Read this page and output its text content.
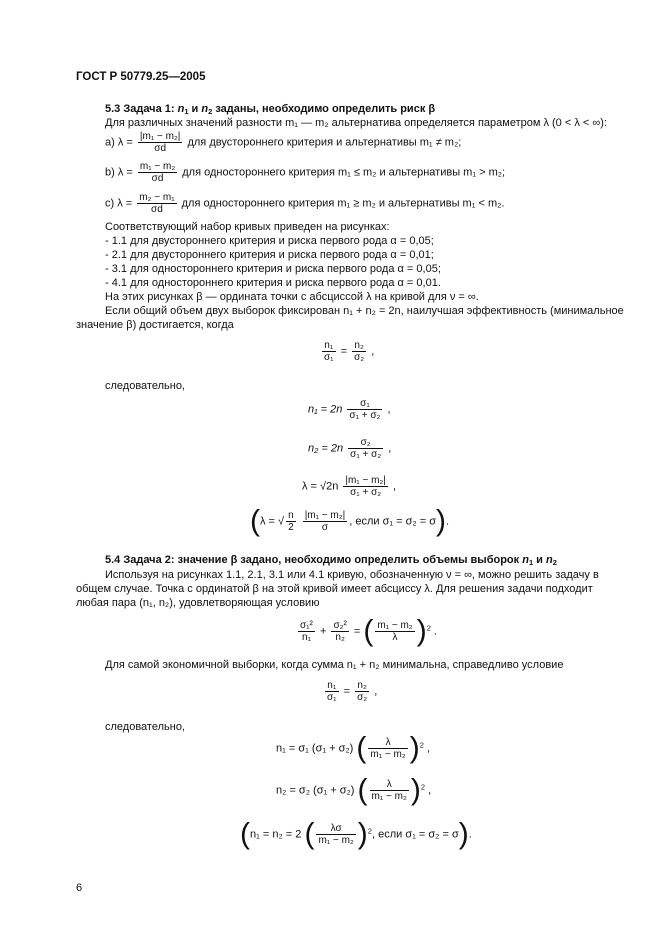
ГОСТ Р 50779.25—2005
5.3 Задача 1: $n_1$ и $n_2$ заданы, необходимо определить риск β
Для различных значений разности m₁ — m₂ альтернатива определяется параметром λ (0 < λ < ∞):
a) $\lambda = \frac{\text{|m₁ − m₂|}}{\sigma d}$ для двустороннего критерия и альтернативы m₁ ≠ m₂;
b) $\lambda = \frac{\text{m₁ − m₂}}{\sigma d}$ для одностороннего критерия m₁ ≤ m₂ и альтернативы m₁ > m₂;
c) $\lambda = \frac{\text{m₂ − m₁}}{\sigma d}$ для одностороннего критерия m₁ ≥ m₂ и альтернативы m₁ < m₂.
Соответствующий набор кривых приведен на рисунках:
- 1.1 для двустороннего критерия и риска первого рода α = 0,05;
- 2.1 для двустороннего критерия и риска первого рода α = 0,01;
- 3.1 для одностороннего критерия и риска первого рода α = 0,05;
- 4.1 для одностороннего критерия и риска первого рода α = 0,01.
На этих рисунках β — ордината точки с абсциссой λ на кривой для ν = ∞.
Если общий объем двух выборок фиксирован n₁ + n₂ = 2n, наилучшая эффективность (минимальное
значение β) достигается, когда
$\frac{\text{n₁}}{\text{σ₁}} = \frac{\text{n₂}}{\text{σ₂}}$ ,
следовательно,
$n_1 = 2n \frac{\text{σ₁}}{\text{σ₁ + σ₂}}$ ,
$n_2 = 2n \frac{\text{σ₂}}{\text{σ₁ + σ₂}}$ ,
$\lambda = √2n \frac{\text{|m₁ − m₂|}}{\text{σ₁ + σ₂}}$ ,
(λ = √ $\frac{n}{2}$
$\frac{\text{|m₁ − m₂|}}{\sigma}$ , если σ₁ = σ₂ = σ).
5.4 Задача 2: значение β задано, необходимо определить объемы выборок $n_1$ и $n_2$
Используя на рисунках 1.1, 2.1, 3.1 или 4.1 кривую, обозначенную ν = ∞, можно решить задачу в
общем случае. Точка с ординатой β на этой кривой имеет абсциссу λ. Для решения задачи подходит
любая пара (n₁, n₂), удовлетворяющая условию
$\frac{\text{σ₁²}}{\text{n₁}} + \frac{\text{σ₂²}}{\text{n₂}}$ = ( $\frac{\text{m₁ − m₂}}{\lambda} )^2$ .
Для самой экономичной выборки, когда сумма n₁ + n₂ минимальна, справедливо условие
$\frac{\text{n₁}}{\text{σ₁}} = \frac{\text{n₂}}{\text{σ₂}}$ ,
следовательно,
n₁ = σ₁ (σ₁ + σ₂) ( $\frac{\lambda}{\text{m₁ − m₂}} )^2$ ,
n₂ = σ₂ (σ₁ + σ₂) ( $\frac{\lambda}{\text{m₁ − m₂}} )^2$ ,
(n₁ = n₂ = 2 ( $\frac{\lambda\sigma}{\text{m₁ − m₂}} )^2$, если σ₁ = σ₂ = σ).
6
